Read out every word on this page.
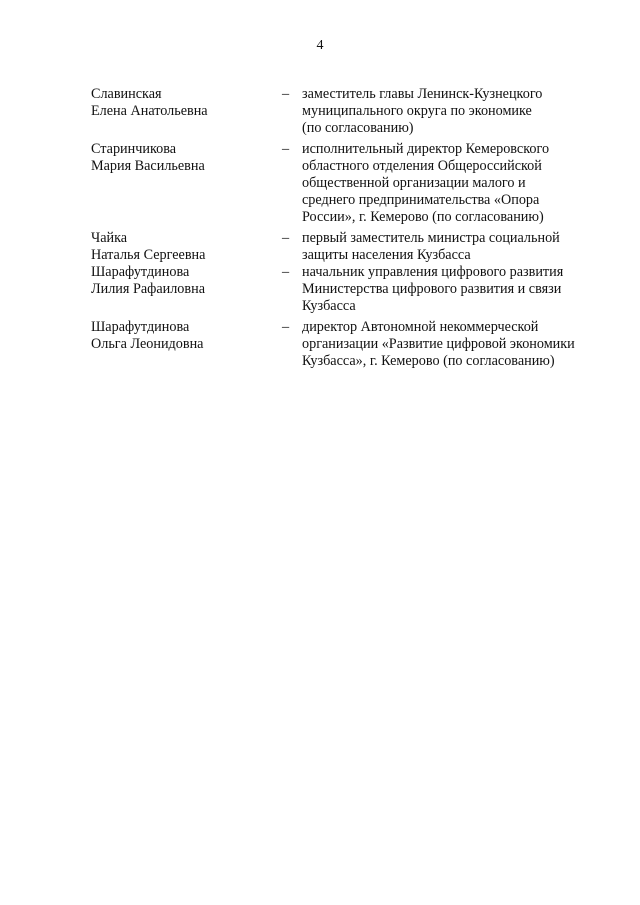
4
Славинская
Елена Анатольевна
– заместитель главы Ленинск-Кузнецкого
муниципального округа по экономике
(по согласованию)
Старинчикова
Мария Васильевна
– исполнительный директор Кемеровского
областного отделения Общероссийской
общественной организации малого и
среднего предпринимательства «Опора
России», г. Кемерово (по согласованию)
Чайка
Наталья Сергеевна
– первый заместитель министра социальной
защиты населения Кузбасса
Шарафутдинова
Лилия Рафаиловна
– начальник управления цифрового развития
Министерства цифрового развития и связи
Кузбасса
Шарафутдинова
Ольга Леонидовна
– директор Автономной некоммерческой
организации «Развитие цифровой экономики
Кузбасса», г. Кемерово (по согласованию)
